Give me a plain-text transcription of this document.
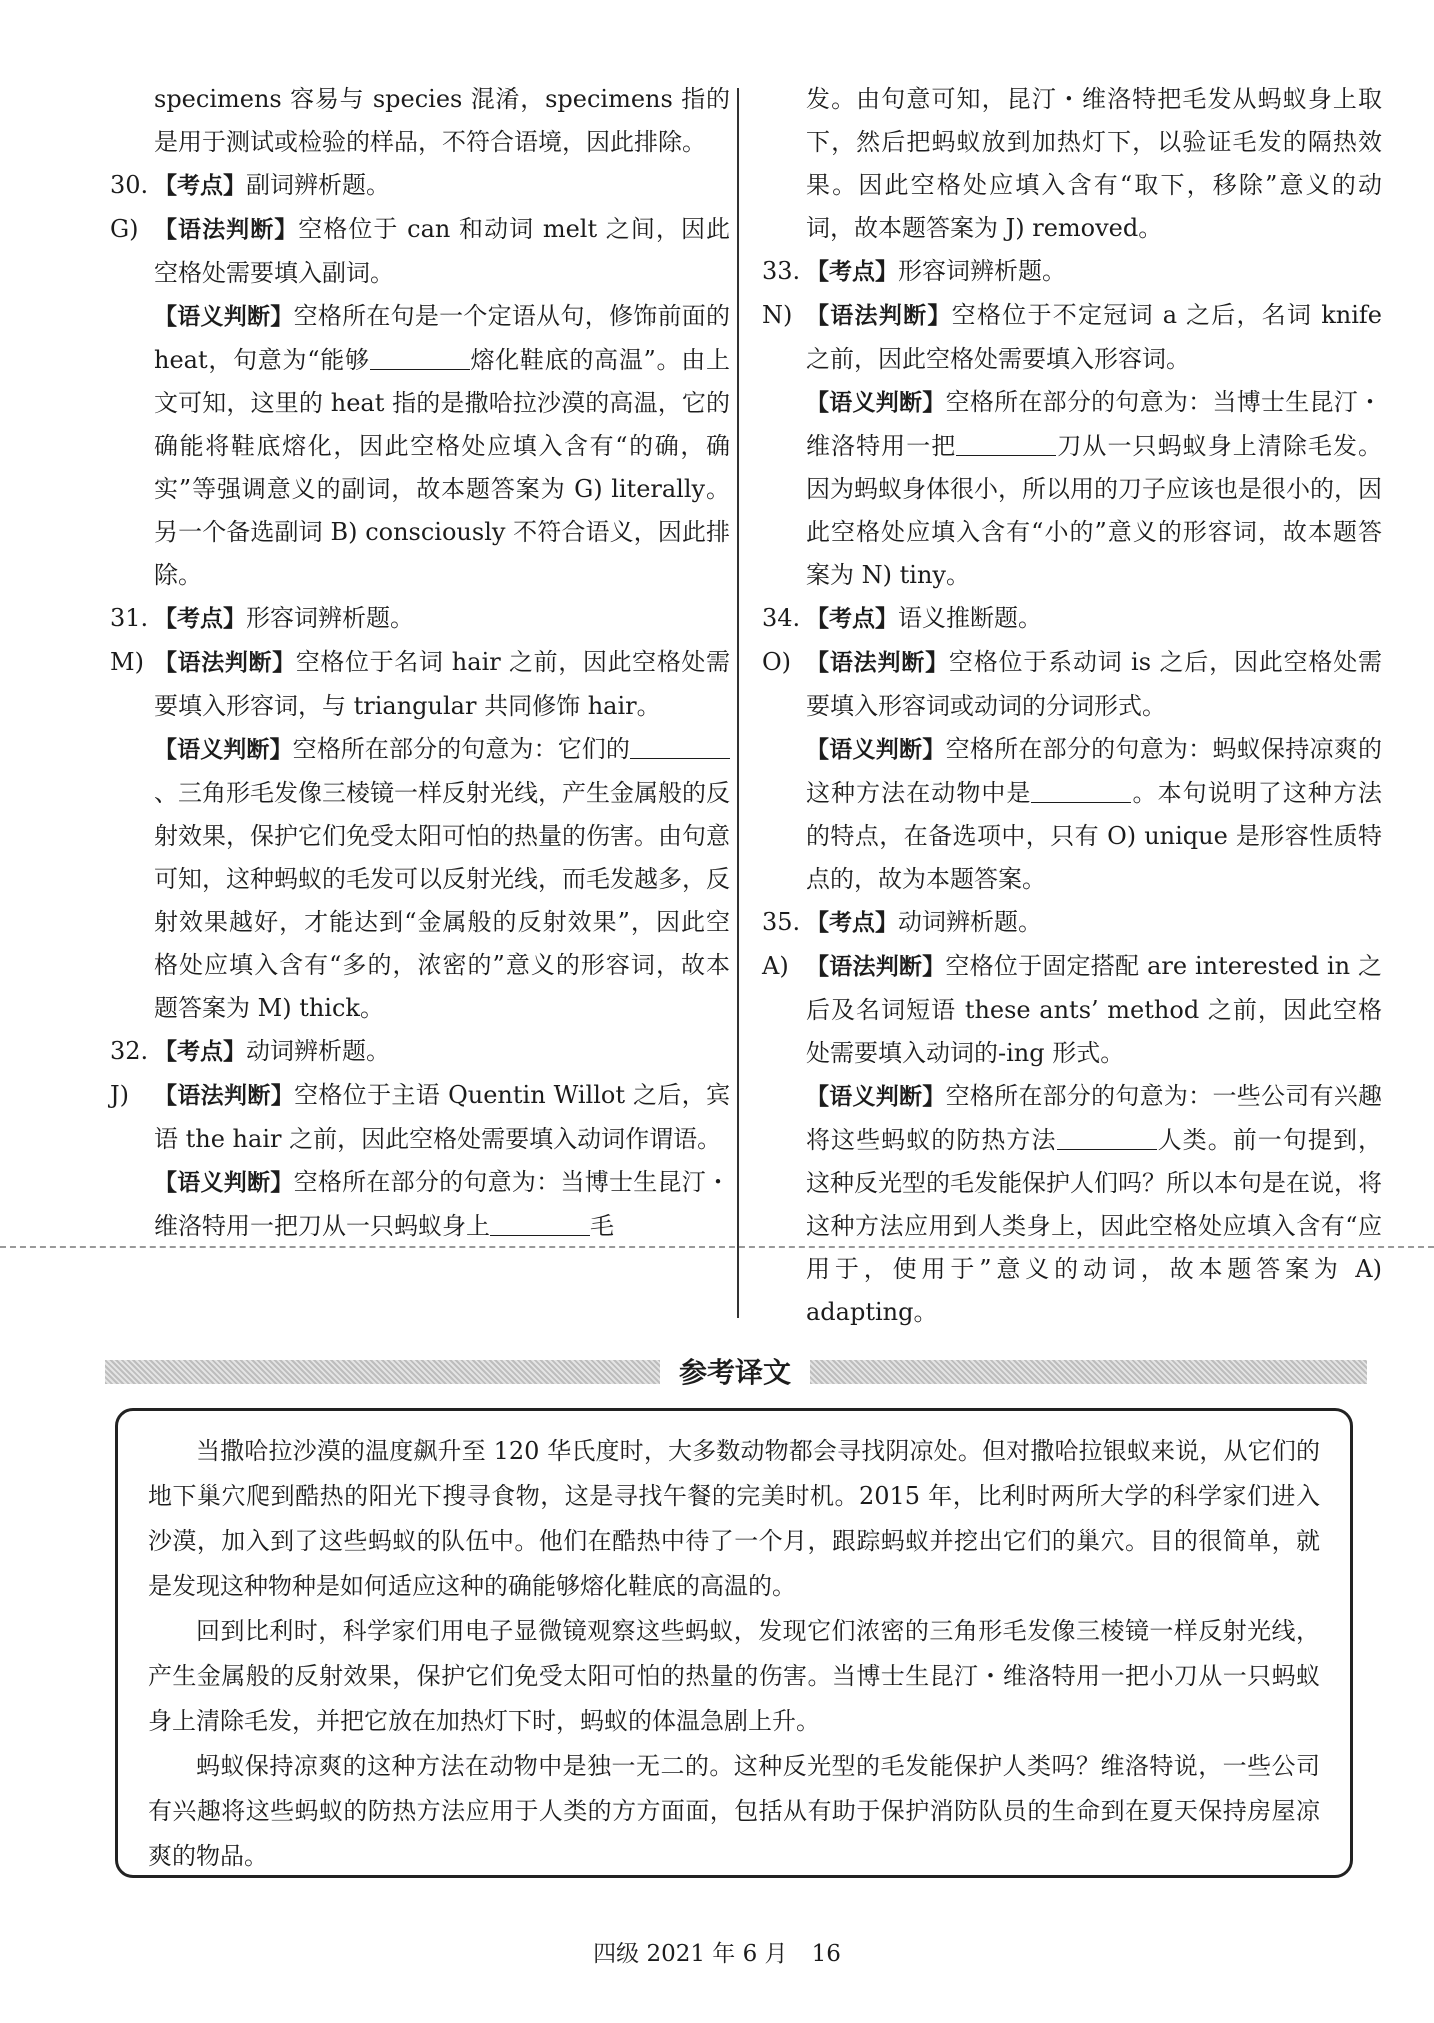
specimens 容易与 species 混淆，specimens 指的是用于测试或检验的样品，不符合语境，因此排除。

30. 【考点】副词辨析题。

G) 【语法判断】空格位于 can 和动词 melt 之间，因此空格处需要填入副词。

【语义判断】空格所在句是一个定语从句，修饰前面的 heat，句意为“能够	熔化鞋底的高温”。由上文可知，这里的 heat 指的是撒哈拉沙漠的高温，它的确能将鞋底熔化，因此空格处应填入含有“的确，确实”等强调意义的副词，故本题答案为 G) literally。另一个备选副词 B) consciously 不符合语义，因此排除。

31. 【考点】形容词辨析题。

M) 【语法判断】空格位于名词 hair 之前，因此空格处需要填入形容词，与 triangular 共同修饰 hair。

【语义判断】空格所在部分的句意为：它们的、三角形毛发像三棱镜一样反射光线，产生金属般的反射效果，保护它们免受太阳可怕的热量的伤害。由句意可知，这种蚂蚁的毛发可以反射光线，而毛发越多，反射效果越好，才能达到“金属般的反射效果”，因此空格处应填入含有“多的，浓密的”意义的形容词，故本题答案为 M) thick。

32. 【考点】动词辨析题。

J)	【语法判断】空格位于主语 Quentin Willot 之后，宾语 the hair 之前，因此空格处需要填入动词作谓语。

【语义判断】空格所在部分的句意为：当博士生昆汀・维洛特用一把刀从一只蚂蚁身上	毛

发。由句意可知，昆汀・维洛特把毛发从蚂蚁身上取下，然后把蚂蚁放到加热灯下，以验证毛发的隔热效果。因此空格处应填入含有“取下，移除”意义的动词，故本题答案为 J) removed。

33. 【考点】形容词辨析题。

N) 【语法判断】空格位于不定冠词 a 之后，名词 knife 之前，因此空格处需要填入形容词。

【语义判断】空格所在部分的句意为：当博士生昆汀・维洛特用一把	刀从一只蚂蚁身上清除毛发。因为蚂蚁身体很小，所以用的刀子应该也是很小的，因此空格处应填入含有“小的”意义的形容词，故本题答案为 N) tiny。

34. 【考点】语义推断题。

O) 【语法判断】空格位于系动词 is 之后，因此空格处需要填入形容词或动词的分词形式。

【语义判断】空格所在部分的句意为：蚂蚁保持凉爽的这种方法在动物中是	。本句说明了这种方法的特点，在备选项中，只有 O) unique 是形容性质特点的，故为本题答案。

35. 【考点】动词辨析题。

A) 【语法判断】空格位于固定搭配 are interested in 之后及名词短语 these ants’ method 之前，因此空格处需要填入动词的-ing 形式。

【语义判断】空格所在部分的句意为：一些公司有兴趣将这些蚂蚁的防热方法	人类。前一句提到，这种反光型的毛发能保护人们吗？所以本句是在说，将这种方法应用到人类身上，因此空格处应填入含有“应用于，使用于”意义的动词，故本题答案为 A) adapting。

参考译文

当撒哈拉沙漠的温度飙升至 120 华氏度时，大多数动物都会寻找阴凉处。但对撒哈拉银蚁来说，从它们的地下巢穴爬到酷热的阳光下搜寻食物，这是寻找午餐的完美时机。2015 年，比利时两所大学的科学家们进入沙漠，加入到了这些蚂蚁的队伍中。他们在酷热中待了一个月，跟踪蚂蚁并挖出它们的巢穴。目的很简单，就是发现这种物种是如何适应这种的确能够熔化鞋底的高温的。

回到比利时，科学家们用电子显微镜观察这些蚂蚁，发现它们浓密的三角形毛发像三棱镜一样反射光线，产生金属般的反射效果，保护它们免受太阳可怕的热量的伤害。当博士生昆汀・维洛特用一把小刀从一只蚂蚁身上清除毛发，并把它放在加热灯下时，蚂蚁的体温急剧上升。

蚂蚁保持凉爽的这种方法在动物中是独一无二的。这种反光型的毛发能保护人类吗？维洛特说，一些公司有兴趣将这些蚂蚁的防热方法应用于人类的方方面面，包括从有助于保护消防队员的生命到在夏天保持房屋凉爽的物品。

四级 2021 年 6 月 16
